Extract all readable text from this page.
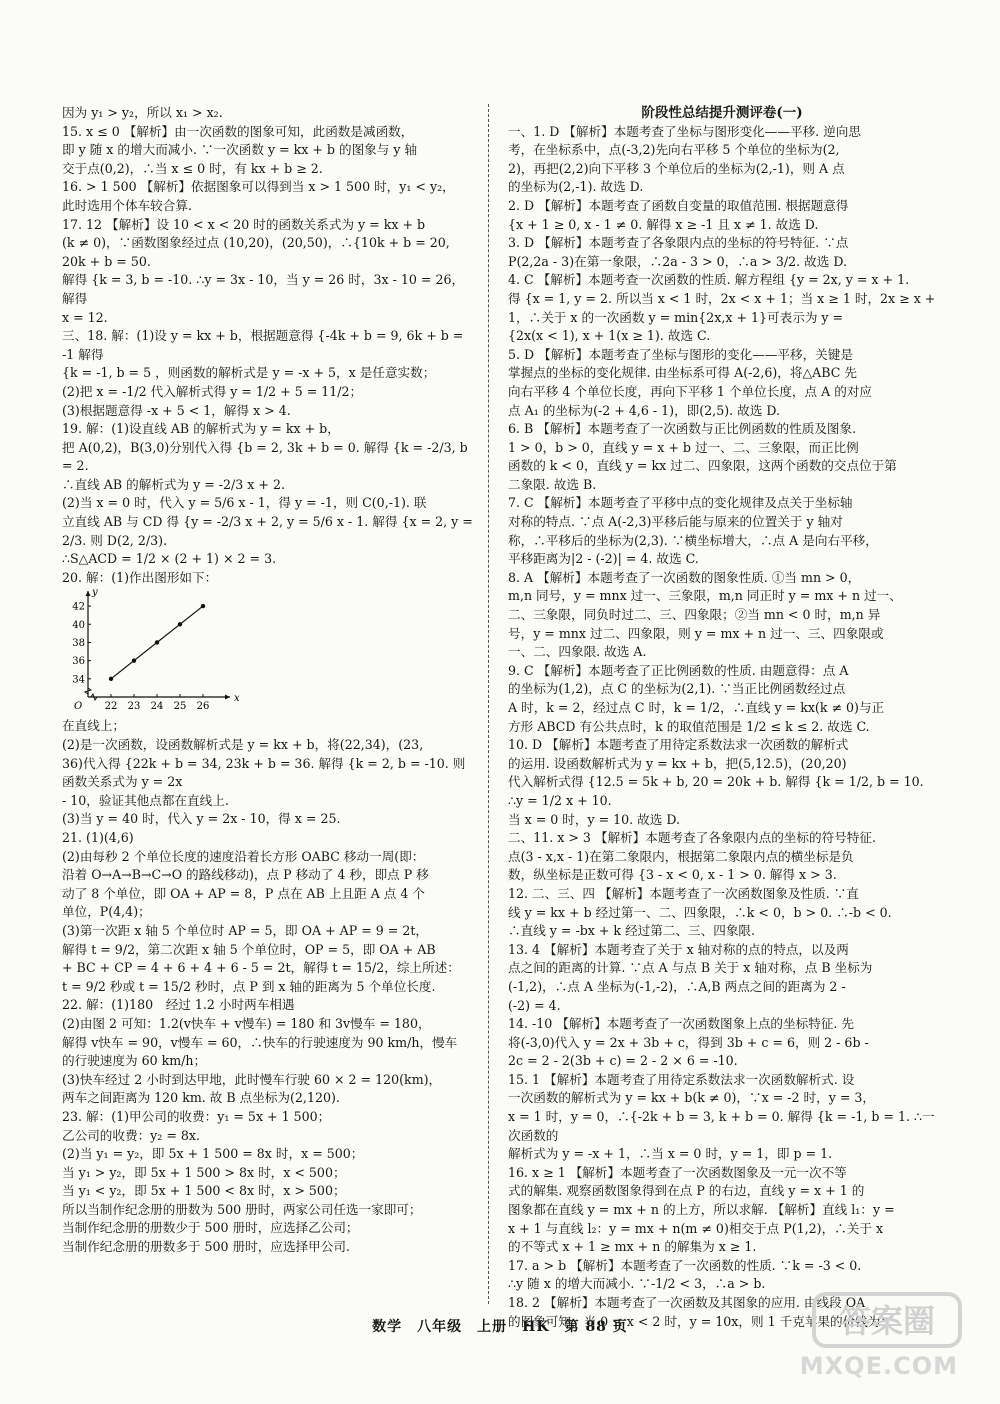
因为 y₁ > y₂，所以 x₁ > x₂.

15. x ≤ 0 【解析】由一次函数的图象可知，此函数是减函数，

即 y 随 x 的增大而减小. ∵一次函数 y = kx + b 的图象与 y 轴

交于点(0,2)，∴当 x ≤ 0 时，有 kx + b ≥ 2.

16. > 1 500 【解析】依据图象可以得到当 x > 1 500 时，y₁ < y₂，

此时选用个体车较合算.

17. 12 【解析】设 10 < x < 20 时的函数关系式为 y = kx + b

(k ≠ 0)，∵函数图象经过点 (10,20)，(20,50)，∴{10k + b = 20, 20k + b = 50.

解得 {k = 3, b = -10. ∴y = 3x - 10，当 y = 26 时，3x - 10 = 26，解得

x = 12.

三、18. 解：(1)设 y = kx + b，根据题意得 {-4k + b = 9, 6k + b = -1 解得

{k = -1, b = 5 ，则函数的解析式是 y = -x + 5，x 是任意实数；

(2)把 x = -1/2 代入解析式得 y = 1/2 + 5 = 11/2；

(3)根据题意得 -x + 5 < 1，解得 x > 4.

19. 解：(1)设直线 AB 的解析式为 y = kx + b，

把 A(0,2)，B(3,0)分别代入得 {b = 2, 3k + b = 0. 解得 {k = -2/3, b = 2.

∴直线 AB 的解析式为 y = -2/3 x + 2.

(2)当 x = 0 时，代入 y = 5/6 x - 1，得 y = -1，则 C(0,-1). 联

立直线 AB 与 CD 得 {y = -2/3 x + 2, y = 5/6 x - 1. 解得 {x = 2, y = 2/3. 则 D(2, 2/3).

∴S△ACD = 1/2 × (2 + 1) × 2 = 3.

20. 解：(1)作出图形如下：

x
y
O 22 23 24 25 26
34
36
38
40
42

在直线上；

(2)是一次函数，设函数解析式是 y = kx + b，将(22,34)，(23,

36)代入得 {22k + b = 34, 23k + b = 36. 解得 {k = 2, b = -10. 则函数关系式为 y = 2x

- 10，验证其他点都在直线上.

(3)当 y = 40 时，代入 y = 2x - 10，得 x = 25.

21. (1)(4,6)

(2)由每秒 2 个单位长度的速度沿着长方形 OABC 移动一周(即：

沿着 O→A→B→C→O 的路线移动)，点 P 移动了 4 秒，即点 P 移

动了 8 个单位，即 OA + AP = 8，P 点在 AB 上且距 A 点 4 个

单位，P(4,4)；

(3)第一次距 x 轴 5 个单位时 AP = 5，即 OA + AP = 9 = 2t，

解得 t = 9/2，第二次距 x 轴 5 个单位时，OP = 5，即 OA + AB

+ BC + CP = 4 + 6 + 4 + 6 - 5 = 2t，解得 t = 15/2，综上所述：

t = 9/2 秒或 t = 15/2 秒时，点 P 到 x 轴的距离为 5 个单位长度.

22. 解：(1)180　经过 1.2 小时两车相遇

(2)由图 2 可知：1.2(v快车 + v慢车) = 180 和 3v慢车 = 180，

解得 v快车 = 90，v慢车 = 60，∴快车的行驶速度为 90 km/h，慢车

的行驶速度为 60 km/h；

(3)快车经过 2 小时到达甲地，此时慢车行驶 60 × 2 = 120(km)，

两车之间距离为 120 km. 故 B 点坐标为(2,120).

23. 解：(1)甲公司的收费：y₁ = 5x + 1 500；

乙公司的收费：y₂ = 8x.

(2)当 y₁ = y₂，即 5x + 1 500 = 8x 时，x = 500；

当 y₁ > y₂，即 5x + 1 500 > 8x 时，x < 500；

当 y₁ < y₂，即 5x + 1 500 < 8x 时，x > 500；

所以当制作纪念册的册数为 500 册时，两家公司任选一家即可；

当制作纪念册的册数少于 500 册时，应选择乙公司；

当制作纪念册的册数多于 500 册时，应选择甲公司.

阶段性总结提升测评卷(一)

一、1. D 【解析】本题考查了坐标与图形变化——平移. 逆向思

考，在坐标系中，点(-3,2)先向右平移 5 个单位的坐标为(2,

2)，再把(2,2)向下平移 3 个单位后的坐标为(2,-1)，则 A 点

的坐标为(2,-1). 故选 D.

2. D 【解析】本题考查了函数自变量的取值范围. 根据题意得

{x + 1 ≥ 0, x - 1 ≠ 0. 解得 x ≥ -1 且 x ≠ 1. 故选 D.

3. D 【解析】本题考查了各象限内点的坐标的符号特征. ∵点

P(2,2a - 3)在第一象限，∴2a - 3 > 0，∴a > 3/2. 故选 D.

4. C 【解析】本题考查一次函数的性质. 解方程组 {y = 2x, y = x + 1.

得 {x = 1, y = 2. 所以当 x < 1 时，2x < x + 1；当 x ≥ 1 时，2x ≥ x +

1，∴关于 x 的一次函数 y = min{2x,x + 1}可表示为 y =

{2x(x < 1), x + 1(x ≥ 1). 故选 C.

5. D 【解析】本题考查了坐标与图形的变化——平移，关键是

掌握点的坐标的变化规律. 由坐标系可得 A(-2,6)，将△ABC 先

向右平移 4 个单位长度，再向下平移 1 个单位长度，点 A 的对应

点 A₁ 的坐标为(-2 + 4,6 - 1)，即(2,5). 故选 D.

6. B 【解析】本题考查了一次函数与正比例函数的性质及图象.

1 > 0，b > 0，直线 y = x + b 过一、二、三象限，而正比例

函数的 k < 0，直线 y = kx 过二、四象限，这两个函数的交点位于第

二象限. 故选 B.

7. C 【解析】本题考查了平移中点的变化规律及点关于坐标轴

对称的特点. ∵点 A(-2,3)平移后能与原来的位置关于 y 轴对

称，∴平移后的坐标为(2,3). ∵横坐标增大，∴点 A 是向右平移，

平移距离为|2 - (-2)| = 4. 故选 C.

8. A 【解析】本题考查了一次函数的图象性质. ①当 mn > 0，

m,n 同号，y = mnx 过一、三象限，m,n 同正时 y = mx + n 过一、

二、三象限，同负时过二、三、四象限；②当 mn < 0 时，m,n 异

号，y = mnx 过二、四象限，则 y = mx + n 过一、三、四象限或

一、二、四象限. 故选 A.

9. C 【解析】本题考查了正比例函数的性质. 由题意得：点 A

的坐标为(1,2)，点 C 的坐标为(2,1). ∵当正比例函数经过点

A 时，k = 2，经过点 C 时，k = 1/2，∴直线 y = kx(k ≠ 0)与正

方形 ABCD 有公共点时，k 的取值范围是 1/2 ≤ k ≤ 2. 故选 C.

10. D 【解析】本题考查了用待定系数法求一次函数的解析式

的运用. 设函数解析式为 y = kx + b，把(5,12.5)，(20,20)

代入解析式得 {12.5 = 5k + b, 20 = 20k + b. 解得 {k = 1/2, b = 10. ∴y = 1/2 x + 10.

当 x = 0 时，y = 10. 故选 D.

二、11. x > 3 【解析】本题考查了各象限内点的坐标的符号特征.

点(3 - x,x - 1)在第二象限内，根据第二象限内点的横坐标是负

数，纵坐标是正数可得 {3 - x < 0, x - 1 > 0. 解得 x > 3.

12. 二、三、四 【解析】本题考查了一次函数图象及性质. ∵直

线 y = kx + b 经过第一、二、四象限，∴k < 0，b > 0. ∴-b < 0.

∴直线 y = -bx + k 经过第二、三、四象限.

13. 4 【解析】本题考查了关于 x 轴对称的点的特点，以及两

点之间的距离的计算. ∵点 A 与点 B 关于 x 轴对称，点 B 坐标为

(-1,2)，∴点 A 坐标为(-1,-2)，∴A,B 两点之间的距离为 2 -

(-2) = 4.

14. -10 【解析】本题考查了一次函数图象上点的坐标特征. 先

将(-3,0)代入 y = 2x + 3b + c，得到 3b + c = 6，则 2 - 6b -

2c = 2 - 2(3b + c) = 2 - 2 × 6 = -10.

15. 1 【解析】本题考查了用待定系数法求一次函数解析式. 设

一次函数的解析式为 y = kx + b(k ≠ 0)，∵x = -2 时，y = 3，

x = 1 时，y = 0，∴{-2k + b = 3, k + b = 0. 解得 {k = -1, b = 1. ∴一次函数的

解析式为 y = -x + 1，∴当 x = 0 时，y = 1，即 p = 1.

16. x ≥ 1 【解析】本题考查了一次函数图象及一元一次不等

式的解集. 观察函数图象得到在点 P 的右边，直线 y = x + 1 的

图象都在直线 y = mx + n 的上方，所以求解. 【解析】直线 l₁：y =

x + 1 与直线 l₂：y = mx + n(m ≠ 0)相交于点 P(1,2)，∴关于 x

的不等式 x + 1 ≥ mx + n 的解集为 x ≥ 1.

17. a > b 【解析】本题考查了一次函数的性质. ∵k = -3 < 0.

∴y 随 x 的增大而减小. ∵-1/2 < 3，∴a > b.

18. 2 【解析】本题考查了一次函数及其图象的应用. 由线段 OA

的图象可知，当 0 ≤ x < 2 时，y = 10x，则 1 千克苹果的价钱为：

数学　八年级　上册　HK　第 88 页	答案圈
MXQE.COM
